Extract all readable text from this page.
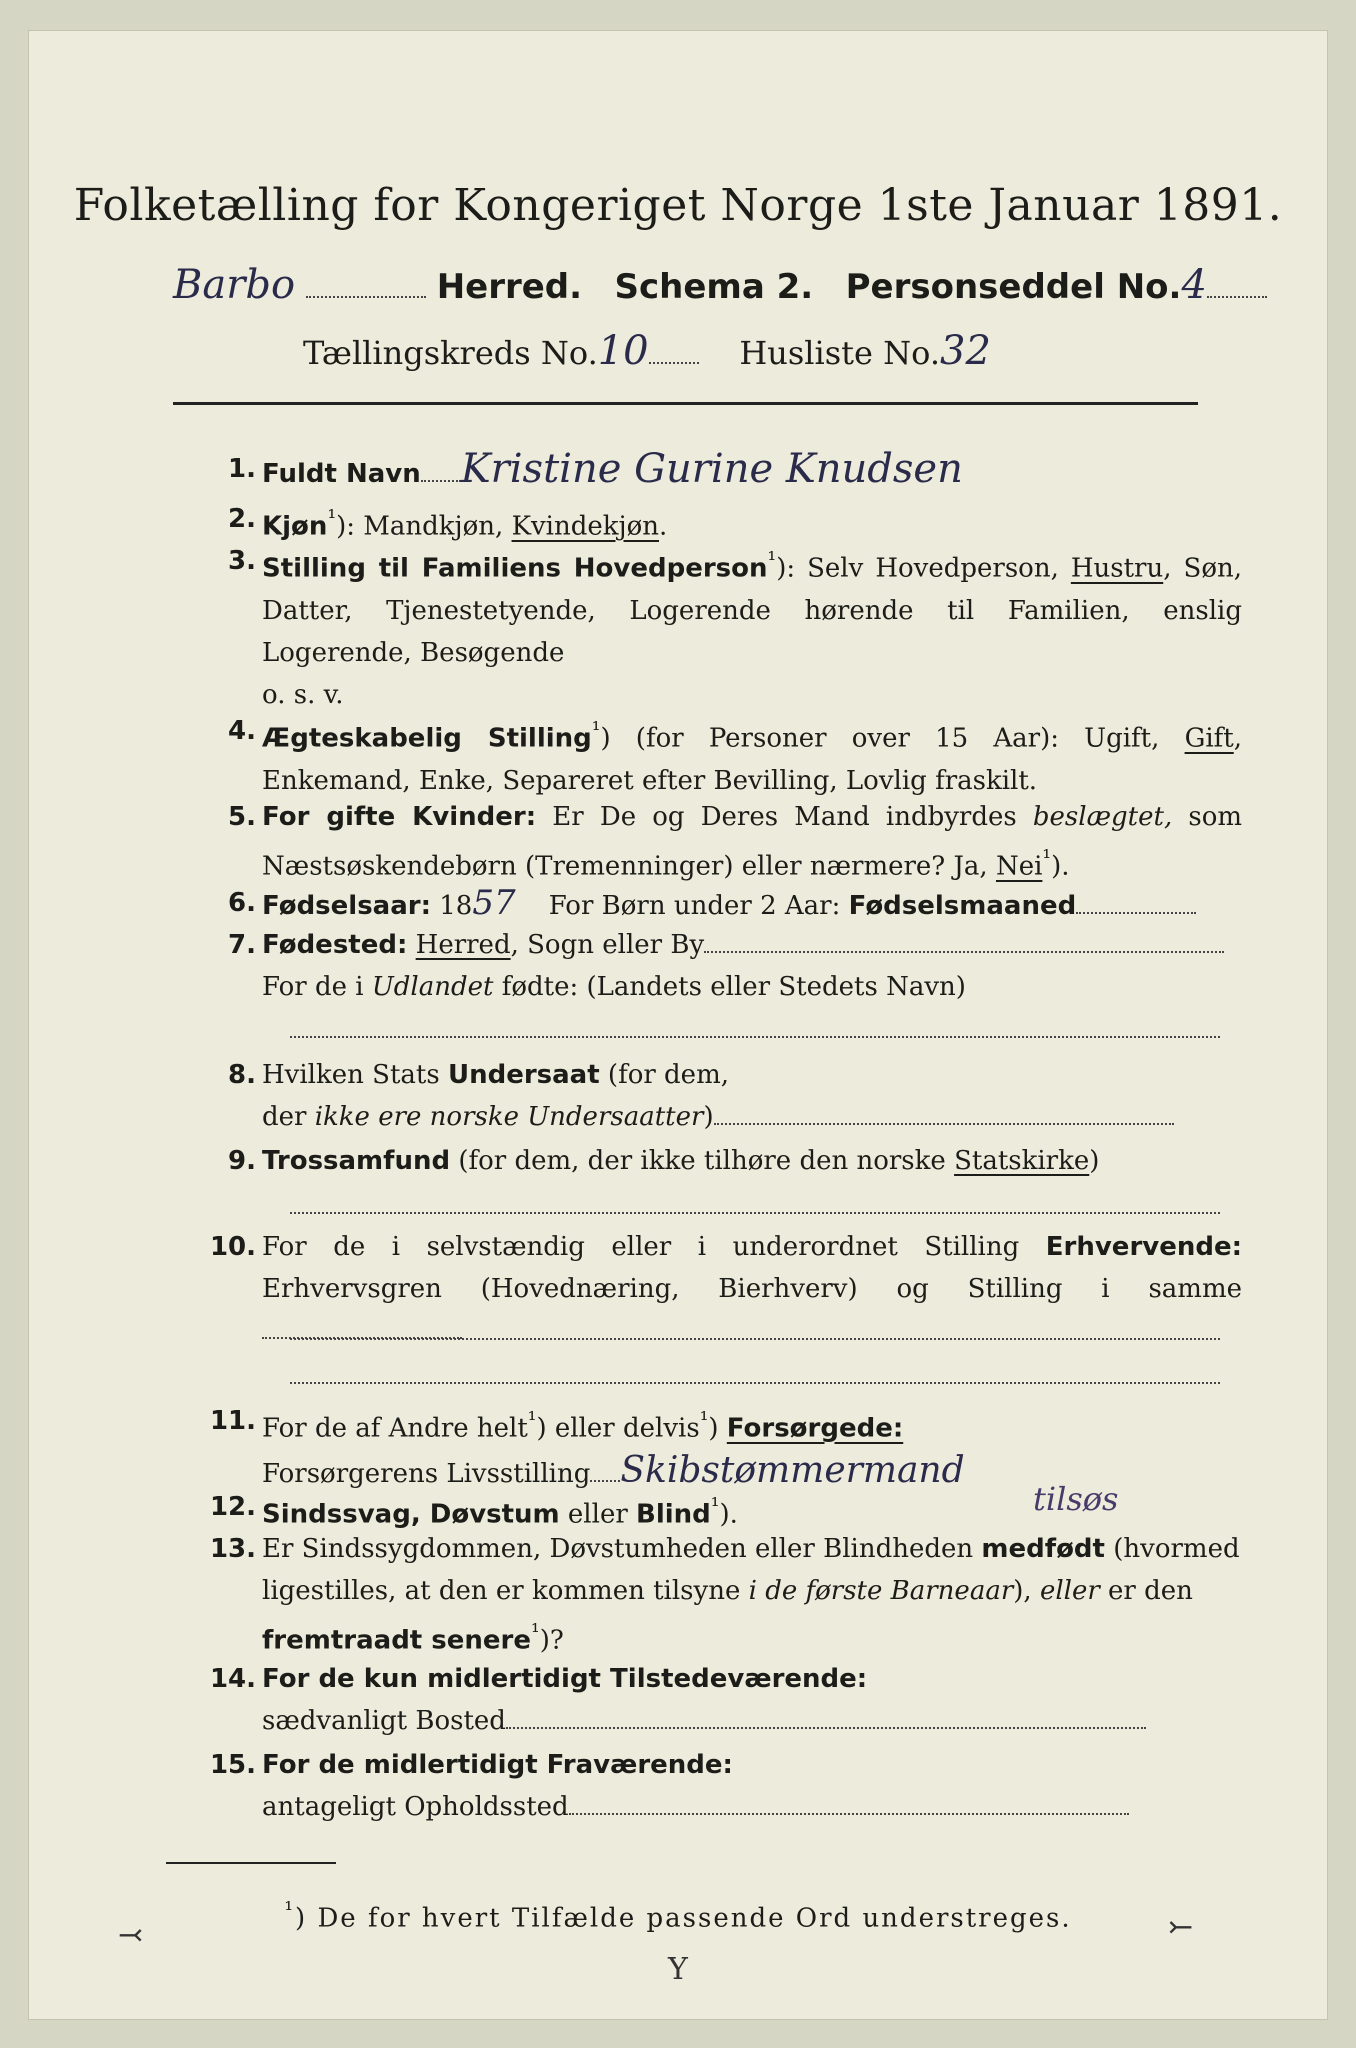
Folketælling for Kongeriget Norge 1ste Januar 1891.
Barbo	Herred. Schema 2. Personseddel No.4
Tællingskreds No.10	Husliste No.32
1. Fuldt Navn Kristine Gurine Knudsen
2. Kjøn$^{^1}$): Mandkjøn, Kvindekjøn.
3. Stilling til Familiens Hovedperson$^{^1}$): Selv Hovedperson, Hustru, Søn, Datter, Tjenestetyende, Logerende hørende til Familien, enslig Logerende, Besøgende

o. s. v.

4. Ægteskabelig Stilling$^{^1}$) (for Personer over 15 Aar): Ugift, Gift, Enkemand, Enke, Separeret efter Bevilling, Lovlig fraskilt.
5. For gifte Kvinder: Er De og Deres Mand indbyrdes beslægtet, som Næstsøskendebørn (Tremenninger) eller nærmere? Ja, Nei$^{^1}$).
6. Fødselsaar: 1857 For Børn under 2 Aar: Fødselsmaaned
7. Fødested: Herred, Sogn eller By

For de i Udlandet fødte: (Landets eller Stedets Navn)

8. Hvilken Stats Undersaat (for dem,

der ikke ere norske Undersaatter)

9. Trossamfund (for dem, der ikke tilhøre den norske Statskirke)
10. For de i selvstændig eller i underordnet Stilling Erhvervende: Erhvervsgren (Hovednæring, Bierhverv) og Stilling i samme
11. For de af Andre helt$^{^1}$) eller delvis$^{^1}$) Forsørgede:

Forsørgerens Livsstilling Skibstømmermand

12. Sindssvag, Døvstum eller Blind$^{^1}$).	tilsøs
13. Er Sindssygdommen, Døvstumheden eller Blindheden medfødt (hvormed ligestilles, at den er kommen tilsyne i de første Barneaar), eller er den fremtraadt senere$^{^1}$)?
14. For de kun midlertidigt Tilstedeværende:

sædvanligt Bosted

15. For de midlertidigt Fraværende:

antageligt Opholdssted

$^{^1}$) De for hvert Tilfælde passende Ord understreges.
⤙
Y
⤚
